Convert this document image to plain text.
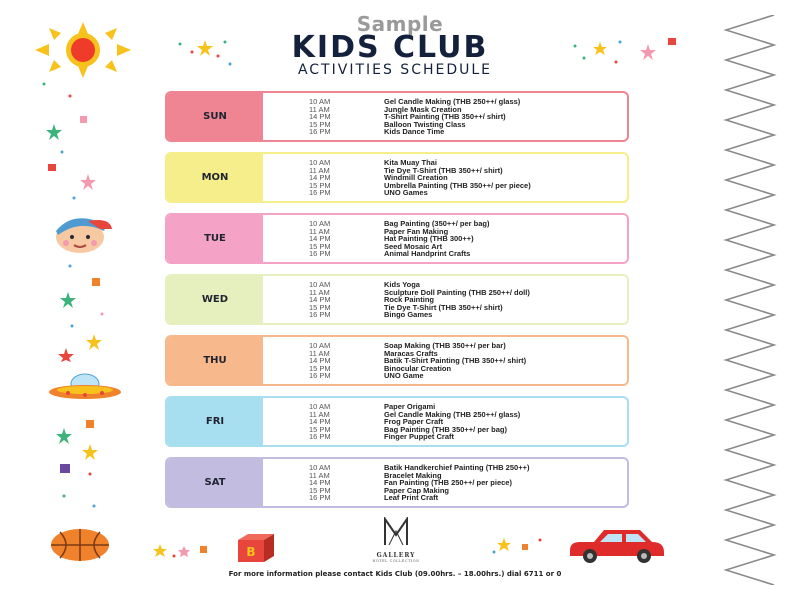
Sample
KIDS CLUB
ACTIVITIES SCHEDULE
B	GALLERY
HOTEL COLLECTION
SUN
10 AM	Gel Candle Making (THB 250++/ glass)
11 AM	Jungle Mask Creation
14 PM	T-Shirt Painting (THB 350++/ shirt)
15 PM	Balloon Twisting Class
16 PM	Kids Dance Time
MON
10 AM	Kita Muay Thai
11 AM	Tie Dye T-Shirt (THB 350++/ shirt)
14 PM	Windmill Creation
15 PM	Umbrella Painting (THB 350++/ per piece)
16 PM	UNO Games
TUE
10 AM	Bag Painting (350++/ per bag)
11 AM	Paper Fan Making
14 PM	Hat Painting (THB 300++)
15 PM	Seed Mosaic Art
16 PM	Animal Handprint Crafts
WED
10 AM	Kids Yoga
11 AM	Sculpture Doll Painting (THB 250++/ doll)
14 PM	Rock Painting
15 PM	Tie Dye T-Shirt (THB 350++/ shirt)
16 PM	Bingo Games
THU
10 AM	Soap Making (THB 350++/ per bar)
11 AM	Maracas Crafts
14 PM	Batik T-Shirt Painting (THB 350++/ shirt)
15 PM	Binocular Creation
16 PM	UNO Game
FRI
10 AM	Paper Origami
11 AM	Gel Candle Making (THB 250++/ glass)
14 PM	Frog Paper Craft
15 PM	Bag Painting (THB 350++/ per bag)
16 PM	Finger Puppet Craft
SAT
10 AM	Batik Handkerchief Painting (THB 250++)
11 AM	Bracelet Making
14 PM	Fan Painting (THB 250++/ per piece)
15 PM	Paper Cap Making
16 PM	Leaf Print Craft
For more information please contact Kids Club (09.00hrs. – 18.00hrs.) dial 6711 or 0
